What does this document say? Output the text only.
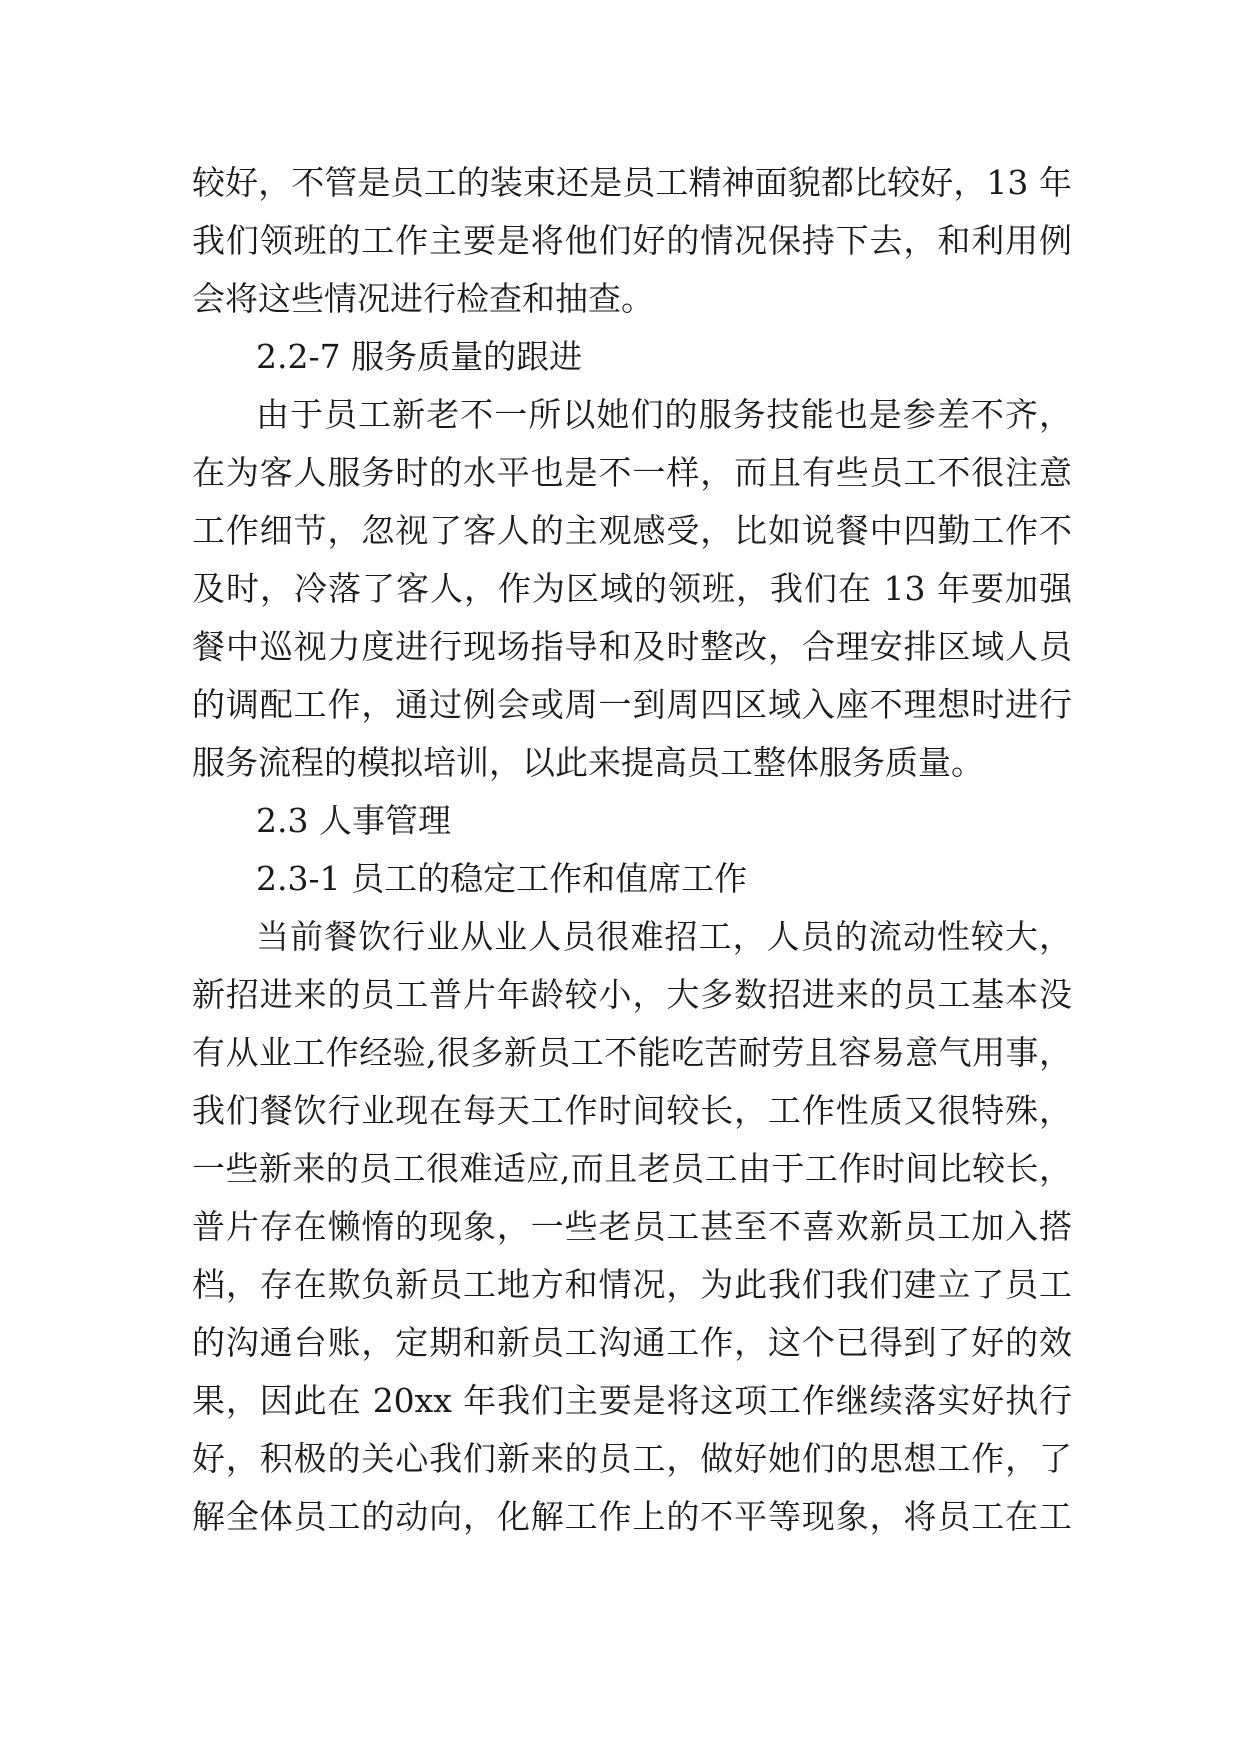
较好，不管是员工的装束还是员工精神面貌都比较好，13 年
我们领班的工作主要是将他们好的情况保持下去，和利用例
会将这些情况进行检查和抽查。
2.2-7 服务质量的跟进
由于员工新老不一所以她们的服务技能也是参差不齐，
在为客人服务时的水平也是不一样，而且有些员工不很注意
工作细节，忽视了客人的主观感受，比如说餐中四勤工作不
及时，冷落了客人，作为区域的领班，我们在 13 年要加强
餐中巡视力度进行现场指导和及时整改，合理安排区域人员
的调配工作，通过例会或周一到周四区域入座不理想时进行
服务流程的模拟培训，以此来提高员工整体服务质量。
2.3 人事管理
2.3-1 员工的稳定工作和值席工作
当前餐饮行业从业人员很难招工，人员的流动性较大，
新招进来的员工普片年龄较小，大多数招进来的员工基本没
有从业工作经验,很多新员工不能吃苦耐劳且容易意气用事，
我们餐饮行业现在每天工作时间较长，工作性质又很特殊，
一些新来的员工很难适应,而且老员工由于工作时间比较长，
普片存在懒惰的现象，一些老员工甚至不喜欢新员工加入搭
档，存在欺负新员工地方和情况，为此我们我们建立了员工
的沟通台账，定期和新员工沟通工作，这个已得到了好的效
果，因此在 20xx 年我们主要是将这项工作继续落实好执行
好，积极的关心我们新来的员工，做好她们的思想工作，了
解全体员工的动向，化解工作上的不平等现象，将员工在工
